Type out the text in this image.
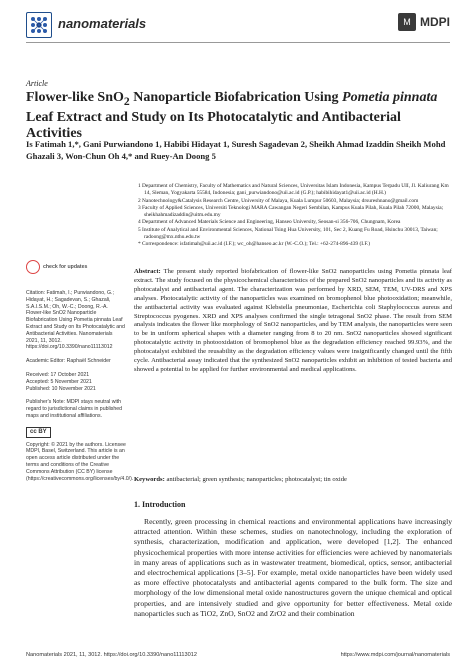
nanomaterials	M MDPI
Article
Flower-like SnO$_2$ Nanoparticle Biofabrication Using Pometia pinnata Leaf Extract and Study on Its Photocatalytic and Antibacterial Activities
Is Fatimah 1,*, Gani Purwiandono 1, Habibi Hidayat 1, Suresh Sagadevan 2, Sheikh Ahmad Izaddin Sheikh Mohd Ghazali 3, Won-Chun Oh 4,* and Ruey-An Doong 5

1 Department of Chemistry, Faculty of Mathematics and Natural Sciences, Universitas Islam Indonesia, Kampus Terpadu UII, Jl. Kaliurang Km 14, Sleman, Yogyakarta 55584, Indonesia; gani_purwiandono@uii.ac.id (G.P.); habibihidayat1@uii.ac.id (H.H.)

2 Nanotechnology&Catalysis Research Centre, University of Malaya, Kuala Lumpur 50603, Malaysia; drsureshnano@gmail.com

3 Faculty of Applied Sciences, Universiti Teknologi MARA Cawangan Negeri Sembilan, Kampus Kuala Pilah, Kuala Pilah 72000, Malaysia; sheikhahmadizaddin@uitm.edu.my

4 Department of Advanced Materials Science and Engineering, Hanseo University, Seosan-si 356-706, Chungnam, Korea

5 Institute of Analytical and Environmental Sciences, National Tsing Hua University, 101, Sec 2, Kuang Fu Road, Hsinchu 30013, Taiwan; radoong@mx.nthu.edu.tw

* Correspondence: isfatimah@uii.ac.id (I.F.); wc_oh@hanseo.ac.kr (W.-C.O.); Tel.: +62-274-896-439 (I.F.)

check for updates

Citation: Fatimah, I.; Purwiandono, G.; Hidayat, H.; Sagadevan, S.; Ghazali, S.A.I.S.M.; Oh, W.-C.; Doong, R.-A. Flower-like SnO2 Nanoparticle Biofabrication Using Pometia pinnata Leaf Extract and Study on Its Photocatalytic and Antibacterial Activities. Nanomaterials 2021, 11, 3012. https://doi.org/10.3390/nano11113012

Academic Editor: Raphaël Schneider

Received: 17 October 2021

Accepted: 5 November 2021

Published: 10 November 2021

Publisher's Note: MDPI stays neutral with regard to jurisdictional claims in published maps and institutional affiliations.

cc BY

Copyright: © 2021 by the authors. Licensee MDPI, Basel, Switzerland. This article is an open access article distributed under the terms and conditions of the Creative Commons Attribution (CC BY) license (https://creativecommons.org/licenses/by/4.0/).

Abstract: The present study reported biofabrication of flower-like SnO2 nanoparticles using Pometia pinnata leaf extract. The study focused on the physicochemical characteristics of the prepared SnO2 nanoparticles and its activity as photocatalyst and antibacterial agent. The characterization was performed by XRD, SEM, TEM, UV-DRS and XPS analyses. Photocatalytic activity of the nanoparticles was examined on bromophenol blue photooxidation; meanwhile, the antibacterial activity was evaluated against Klebsiella pneumoniae, Escherichia coli Staphylococcus aureus and Streptococcus pyogenes. XRD and XPS analyses confirmed the single tetragonal SnO2 phase. The result from SEM analysis indicates the flower like morphology of SnO2 nanoparticles, and by TEM analysis, the nanoparticles were seen to be in uniform spherical shapes with a diameter ranging from 8 to 20 nm. SnO2 nanoparticles showed significant photocatalytic activity in photooxidation of bromophenol blue as the degradation efficiency reached 99.93%, and the photocatalyst exhibited the reusability as the degradation efficiency values were insignificantly changed until the fifth cycle. Antibacterial assay indicated that the synthesized SnO2 nanoparticles exhibit an inhibition of tested bacteria and showed a potential to be applied for further environmental and medical applications.
Keywords: antibacterial; green synthesis; nanoparticles; photocatalyst; tin oxide
1. Introduction
Recently, green processing in chemical reactions and environmental applications have increasingly attracted attention. Within these schemes, studies on nanotechnology, including the exploration of synthesis, characterization, modification and application, were developed [1,2]. The enhanced physicochemical properties with more intense activities for efficiencies were achieved by nanomaterials in many areas of applications such as in wastewater treatment, biomedical, optics, sensor, antibacterial and electrochemical applications [3–5]. For example, metal oxide nanoparticles have been widely used as more effective photocatalysts and antibacterial agents compared to the bulk form. The size and morphology of the low dimensional metal oxide nanostructures govern the unique chemical and optical properties, and are intensively studied and give opportunity for better effectiveness. Metal oxide nanoparticles such as TiO2, ZnO, SnO2 and ZrO2 and their combination
Nanomaterials 2021, 11, 3012. https://doi.org/10.3390/nano11113012	https://www.mdpi.com/journal/nanomaterials
